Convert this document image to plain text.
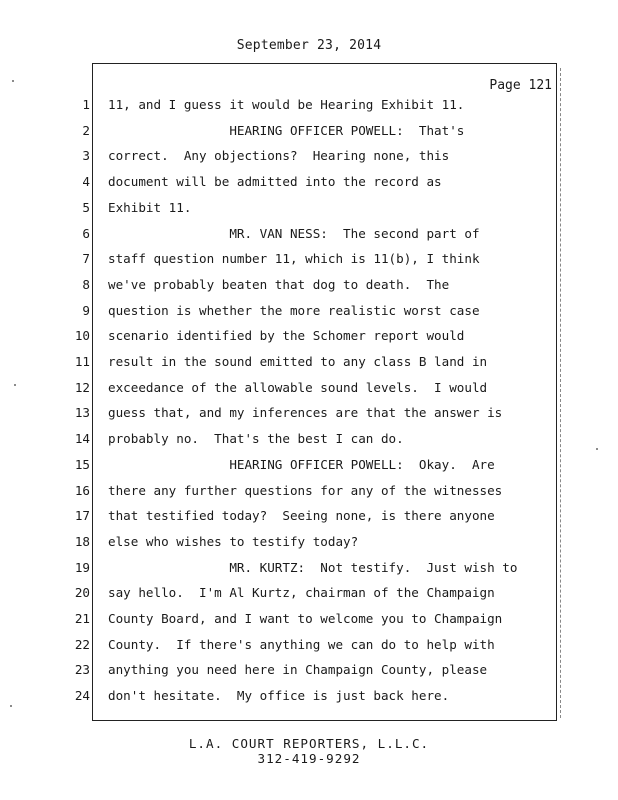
September 23, 2014
Page 121
1 11, and I guess it would be Hearing Exhibit 11.
2 HEARING OFFICER POWELL:  That's
3 correct.  Any objections?  Hearing none, this
4 document will be admitted into the record as
5 Exhibit 11.
6 MR. VAN NESS:  The second part of
7 staff question number 11, which is 11(b), I think
8 we've probably beaten that dog to death.  The
9 question is whether the more realistic worst case
10 scenario identified by the Schomer report would
11 result in the sound emitted to any class B land in
12 exceedance of the allowable sound levels.  I would
13 guess that, and my inferences are that the answer is
14 probably no.  That's the best I can do.
15 HEARING OFFICER POWELL:  Okay.  Are
16 there any further questions for any of the witnesses
17 that testified today?  Seeing none, is there anyone
18 else who wishes to testify today?
19 MR. KURTZ:  Not testify.  Just wish to
20 say hello.  I'm Al Kurtz, chairman of the Champaign
21 County Board, and I want to welcome you to Champaign
22 County.  If there's anything we can do to help with
23 anything you need here in Champaign County, please
24 don't hesitate.  My office is just back here.
L.A. COURT REPORTERS, L.L.C.
312-419-9292
